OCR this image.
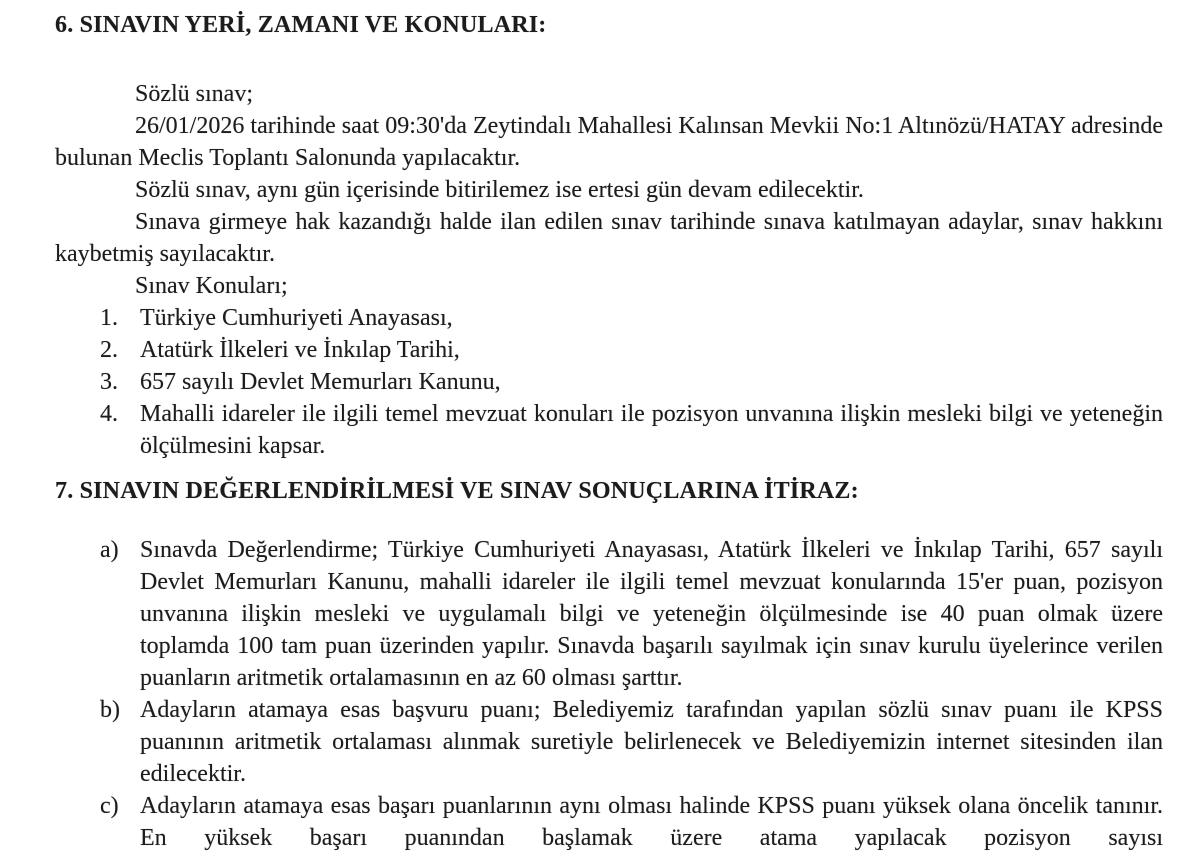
6. SINAVIN YERİ, ZAMANI VE KONULARI:

Sözlü sınav;

26/01/2026 tarihinde saat 09:30'da Zeytindalı Mahallesi Kalınsan Mevkii No:1 Altınözü/HATAY adresinde bulunan Meclis Toplantı Salonunda yapılacaktır.

Sözlü sınav, aynı gün içerisinde bitirilemez ise ertesi gün devam edilecektir.

Sınava girmeye hak kazandığı halde ilan edilen sınav tarihinde sınava katılmayan adaylar, sınav hakkını kaybetmiş sayılacaktır.

Sınav Konuları;

1. Türkiye Cumhuriyeti Anayasası,
2. Atatürk İlkeleri ve İnkılap Tarihi,
3. 657 sayılı Devlet Memurları Kanunu,
4. Mahalli idareler ile ilgili temel mevzuat konuları ile pozisyon unvanına ilişkin mesleki bilgi ve yeteneğin ölçülmesini kapsar.
7. SINAVIN DEĞERLENDİRİLMESİ VE SINAV SONUÇLARINA İTİRAZ:
a) Sınavda Değerlendirme; Türkiye Cumhuriyeti Anayasası, Atatürk İlkeleri ve İnkılap Tarihi, 657 sayılı Devlet Memurları Kanunu, mahalli idareler ile ilgili temel mevzuat konularında 15'er puan, pozisyon unvanına ilişkin mesleki ve uygulamalı bilgi ve yeteneğin ölçülmesinde ise 40 puan olmak üzere toplamda 100 tam puan üzerinden yapılır. Sınavda başarılı sayılmak için sınav kurulu üyelerince verilen puanların aritmetik ortalamasının en az 60 olması şarttır.
b) Adayların atamaya esas başvuru puanı; Belediyemiz tarafından yapılan sözlü sınav puanı ile KPSS puanının aritmetik ortalaması alınmak suretiyle belirlenecek ve Belediyemizin internet sitesinden ilan edilecektir.
c) Adayların atamaya esas başarı puanlarının aynı olması halinde KPSS puanı yüksek olana öncelik tanınır. En yüksek başarı puanından başlamak üzere atama yapılacak pozisyon sayısı
